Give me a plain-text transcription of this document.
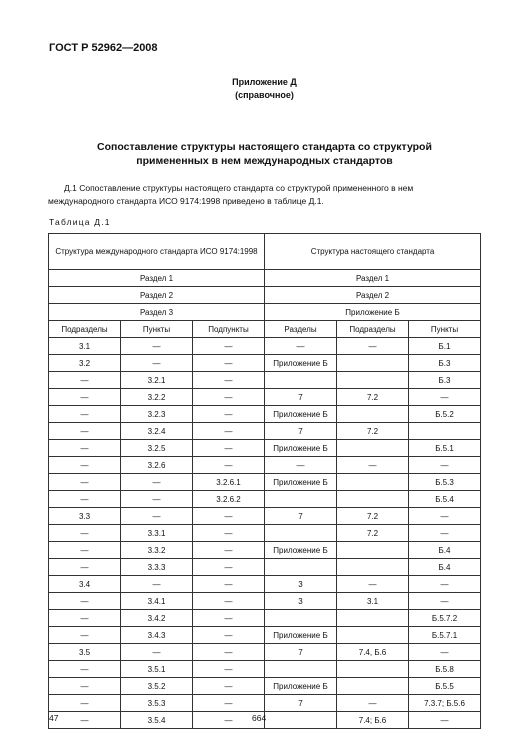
ГОСТ Р 52962—2008
Приложение Д
(справочное)
Сопоставление структуры настоящего стандарта со структурой
примененных в нем международных стандартов
Д.1 Сопоставление структуры настоящего стандарта со структурой примененного в нем международного стандарта ИСО 9174:1998 приведено в таблице Д.1.
Таблица Д.1
Структура международного стандарта ИСО 9174:1998			Структура настоящего стандарта		
Раздел 1			Раздел 1		
Раздел 2			Раздел 2		
Раздел 3			Приложение Б		
Подразделы	Пункты	Подпункты	Разделы	Подразделы	Пункты
3.1	—	—	—	—	Б.1
3.2	—	—	Приложение Б		Б.3
—	3.2.1	—			Б.3
—	3.2.2	—	7	7.2	—
—	3.2.3	—	Приложение Б		Б.5.2
—	3.2.4	—	7	7.2	
—	3.2.5	—	Приложение Б		Б.5.1
—	3.2.6	—	—	—	—
—	—	3.2.6.1	Приложение Б		Б.5.3
—	—	3.2.6.2			Б.5.4
3.3	—	—	7	7.2	—
—	3.3.1	—		7.2	—
—	3.3.2	—	Приложение Б		Б.4
—	3.3.3	—			Б.4
3.4	—	—	3	—	—
—	3.4.1	—	3	3.1	—
—	3.4.2	—			Б.5.7.2
—	3.4.3	—	Приложение Б		Б.5.7.1
3.5	—	—	7	7.4, Б.6	—
—	3.5.1	—			Б.5.8
—	3.5.2	—	Приложение Б		Б.5.5
—	3.5.3	—	7	—	7.3.7; Б.5.6
—	3.5.4	—		7.4; Б.6	—
47	664
